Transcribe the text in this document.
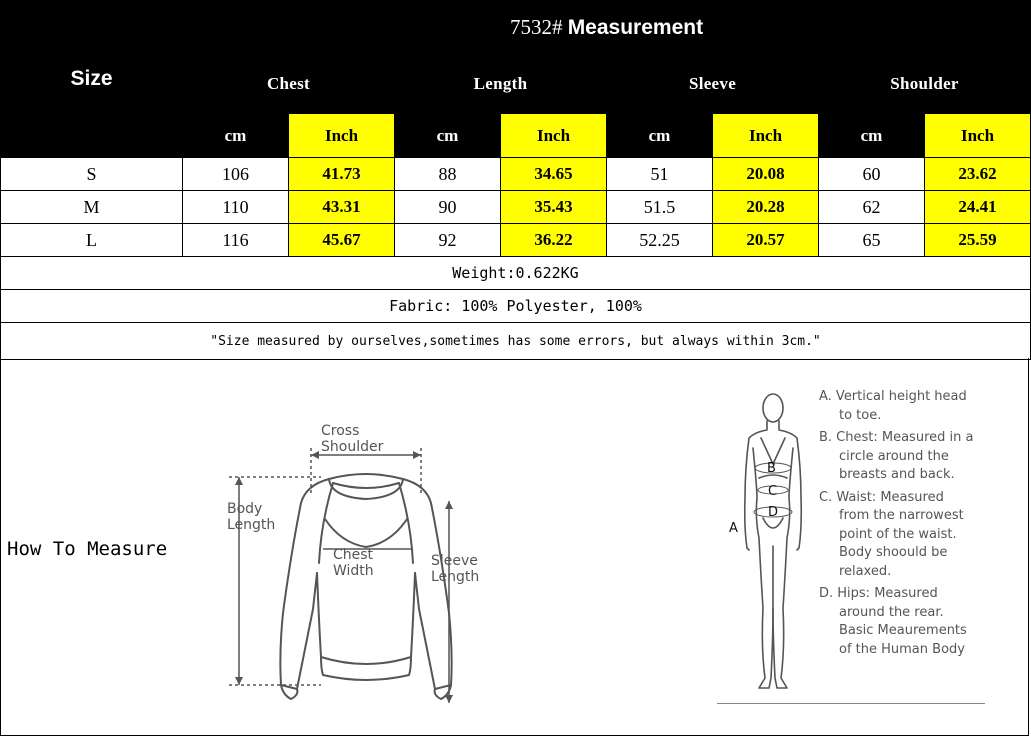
Size	7532# Measurement							
	Chest		Length		Sleeve		Shoulder	
	cm	Inch	cm	Inch	cm	Inch	cm	Inch
S	106	41.73	88	34.65	51	20.08	60	23.62
M	110	43.31	90	35.43	51.5	20.28	62	24.41
L	116	45.67	92	36.22	52.25	20.57	65	25.59
Weight:0.622KG								
Fabric: 100% Polyester, 100%								
"Size measured by ourselves,sometimes has some errors, but always within 3cm."								
How To Measure
Cross
Shoulder
Body
Length
Chest
Width
Sleeve
Length
B
C
D
A
A. Vertical height head
to toe.
B. Chest: Measured in a
circle around the
breasts and back.
C. Waist: Measured
from the narrowest
point of the waist.
Body shoould be
relaxed.
D. Hips: Measured
around the rear.
Basic Meaurements
of the Human Body
